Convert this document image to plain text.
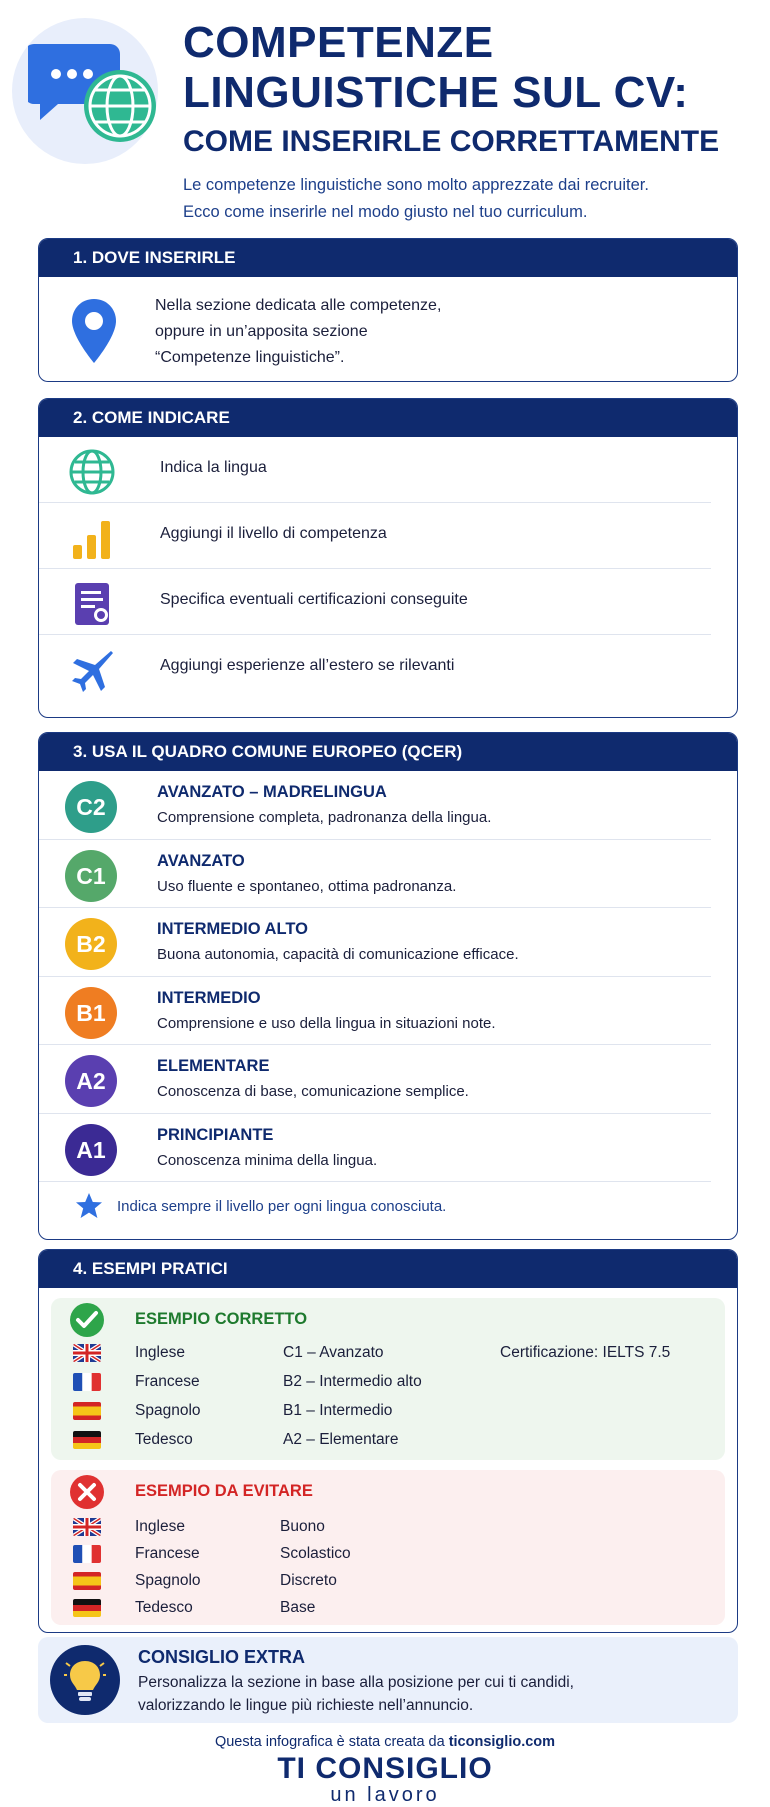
COMPETENZE
LINGUISTICHE SUL CV:
COME INSERIRLE CORRETTAMENTE
Le competenze linguistiche sono molto apprezzate dai recruiter.
Ecco come inserirle nel modo giusto nel tuo curriculum.
1. DOVE INSERIRLE
Nella sezione dedicata alle competenze,
oppure in un’apposita sezione
“Competenze linguistiche”.
2. COME INDICARE
Indica la lingua
Aggiungi il livello di competenza
Specifica eventuali certificazioni conseguite
Aggiungi esperienze all’estero se rilevanti
3. USA IL QUADRO COMUNE EUROPEO (QCER)
C2
AVANZATO – MADRELINGUA
Comprensione completa, padronanza della lingua.
C1
AVANZATO
Uso fluente e spontaneo, ottima padronanza.
B2
INTERMEDIO ALTO
Buona autonomia, capacità di comunicazione efficace.
B1
INTERMEDIO
Comprensione e uso della lingua in situazioni note.
A2
ELEMENTARE
Conoscenza di base, comunicazione semplice.
A1
PRINCIPIANTE
Conoscenza minima della lingua.
Indica sempre il livello per ogni lingua conosciuta.
4. ESEMPI PRATICI
ESEMPIO CORRETTO
Inglese	C1 – Avanzato	Certificazione: IELTS 7.5
Francese	B2 – Intermedio alto
Spagnolo	B1 – Intermedio
Tedesco	A2 – Elementare
ESEMPIO DA EVITARE
Inglese	Buono
Francese	Scolastico
Spagnolo	Discreto
Tedesco	Base
CONSIGLIO EXTRA
Personalizza la sezione in base alla posizione per cui ti candidi,
valorizzando le lingue più richieste nell’annuncio.
Questa infografica è stata creata da ticonsiglio.com
TI CONSIGLIO
un lavoro
